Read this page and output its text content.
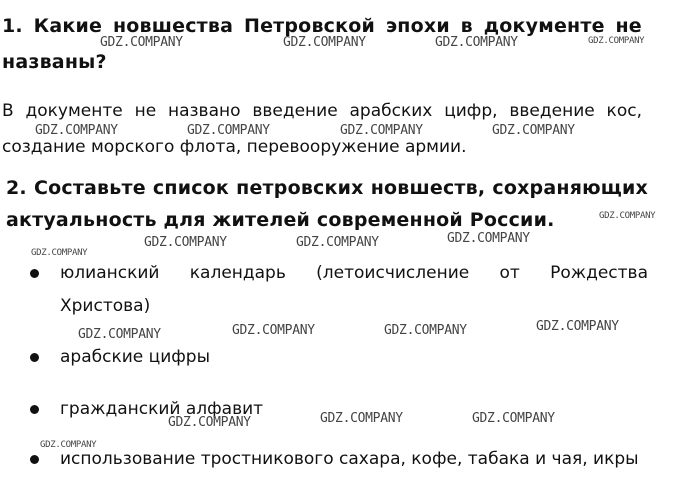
1. Какие новшества Петровской эпохи в документе не
названы?
В документе не названо введение арабских цифр, введение кос,
создание морского флота, перевооружение армии.
2. Составьте список петровских новшеств, сохраняющих
актуальность для жителей современной России.
юлианский календарь (летоисчисление от Рождества
Христова)
арабские цифры
гражданский алфавит
использование тростникового сахара, кофе, табака и чая, икры
GDZ.COMPANY	GDZ.COMPANY	GDZ.COMPANY	GDZ.COMPANY
GDZ.COMPANY	GDZ.COMPANY	GDZ.COMPANY	GDZ.COMPANY
GDZ.COMPANY
GDZ.COMPANY	GDZ.COMPANY	GDZ.COMPANY
GDZ.COMPANY
GDZ.COMPANY	GDZ.COMPANY	GDZ.COMPANY	GDZ.COMPANY
GDZ.COMPANY	GDZ.COMPANY
GDZ.COMPANY
GDZ.COMPANY
